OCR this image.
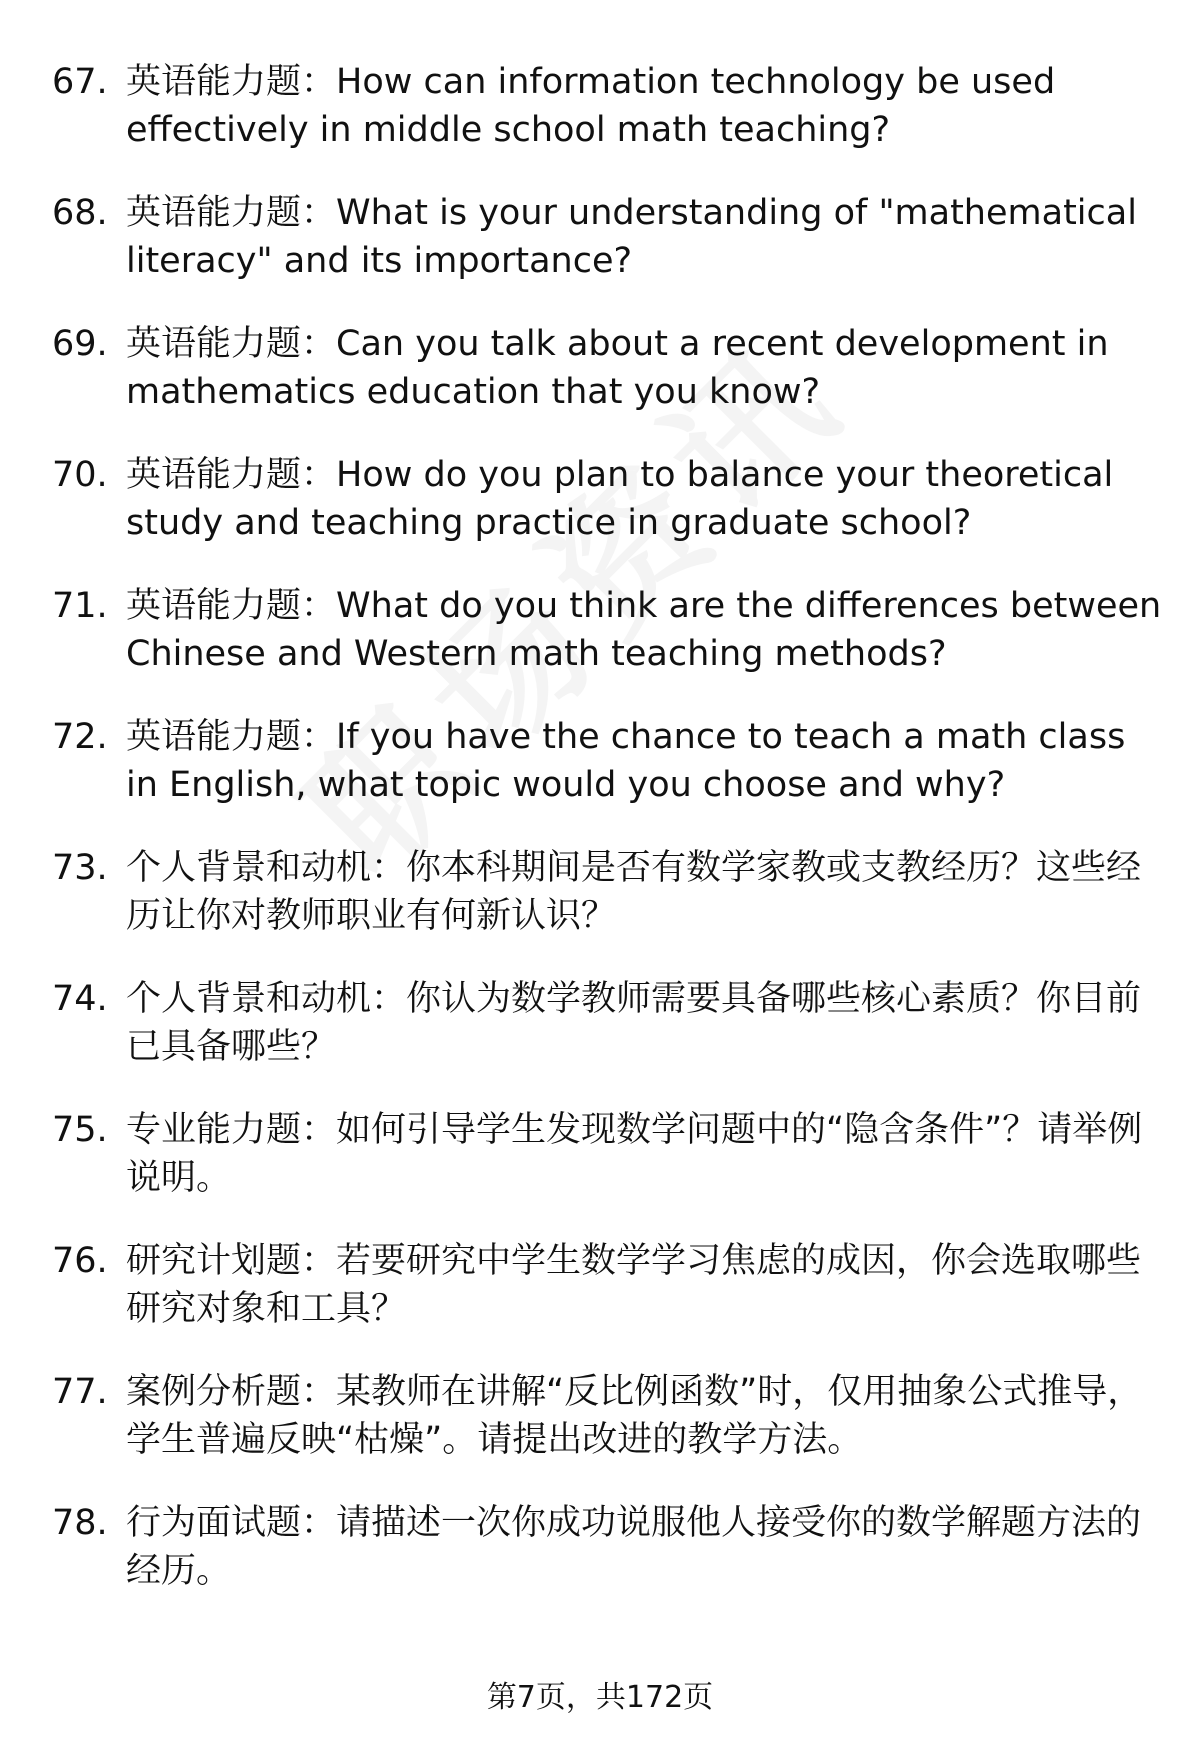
67. 英语能力题：How can information technology be used effectively in middle school math teaching?
68. 英语能力题：What is your understanding of "mathematical literacy" and its importance?
69. 英语能力题：Can you talk about a recent development in mathematics education that you know?
70. 英语能力题：How do you plan to balance your theoretical study and teaching practice in graduate school?
71. 英语能力题：What do you think are the differences between Chinese and Western math teaching methods?
72. 英语能力题：If you have the chance to teach a math class in English, what topic would you choose and why?
73. 个人背景和动机：你本科期间是否有数学家教或支教经历？这些经历让你对教师职业有何新认识？
74. 个人背景和动机：你认为数学教师需要具备哪些核心素质？你目前已具备哪些？
75. 专业能力题：如何引导学生发现数学问题中的“隐含条件”？请举例说明。
76. 研究计划题：若要研究中学生数学学习焦虑的成因，你会选取哪些研究对象和工具？
77. 案例分析题：某教师在讲解“反比例函数”时，仅用抽象公式推导，学生普遍反映“枯燥”。请提出改进的教学方法。
78. 行为面试题：请描述一次你成功说服他人接受你的数学解题方法的经历。
第7页，共172页
